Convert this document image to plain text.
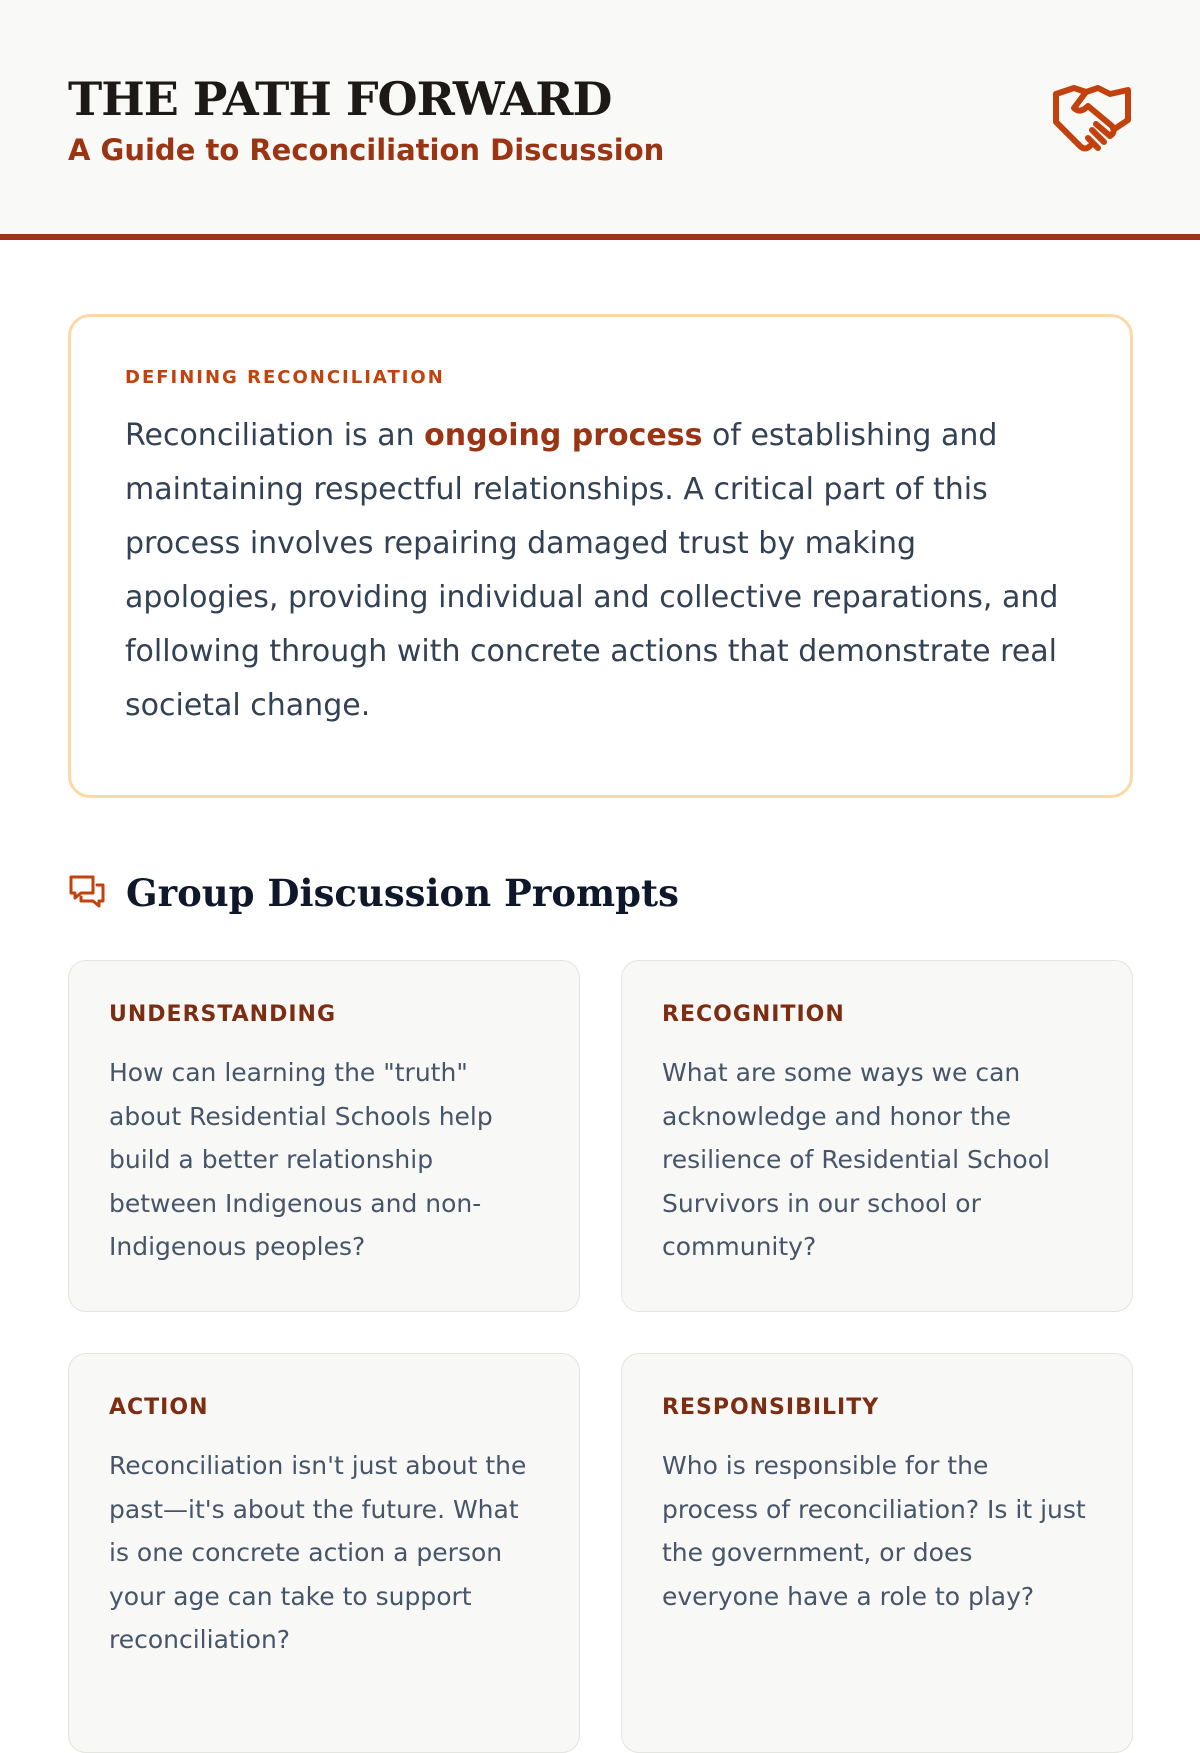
THE PATH FORWARD
A Guide to Reconciliation Discussion
DEFINING RECONCILIATION

Reconciliation is an ongoing process of establishing and maintaining respectful relationships. A critical part of this process involves repairing damaged trust by making apologies, providing individual and collective reparations, and following through with concrete actions that demonstrate real societal change.

Group Discussion Prompts
UNDERSTANDING

How can learning the "truth" about Residential Schools help build a better relationship between Indigenous and non-Indigenous peoples?

RECOGNITION

What are some ways we can acknowledge and honor the resilience of Residential School Survivors in our school or community?

ACTION

Reconciliation isn't just about the past—it's about the future. What is one concrete action a person your age can take to support reconciliation?

RESPONSIBILITY

Who is responsible for the process of reconciliation? Is it just the government, or does everyone have a role to play?
